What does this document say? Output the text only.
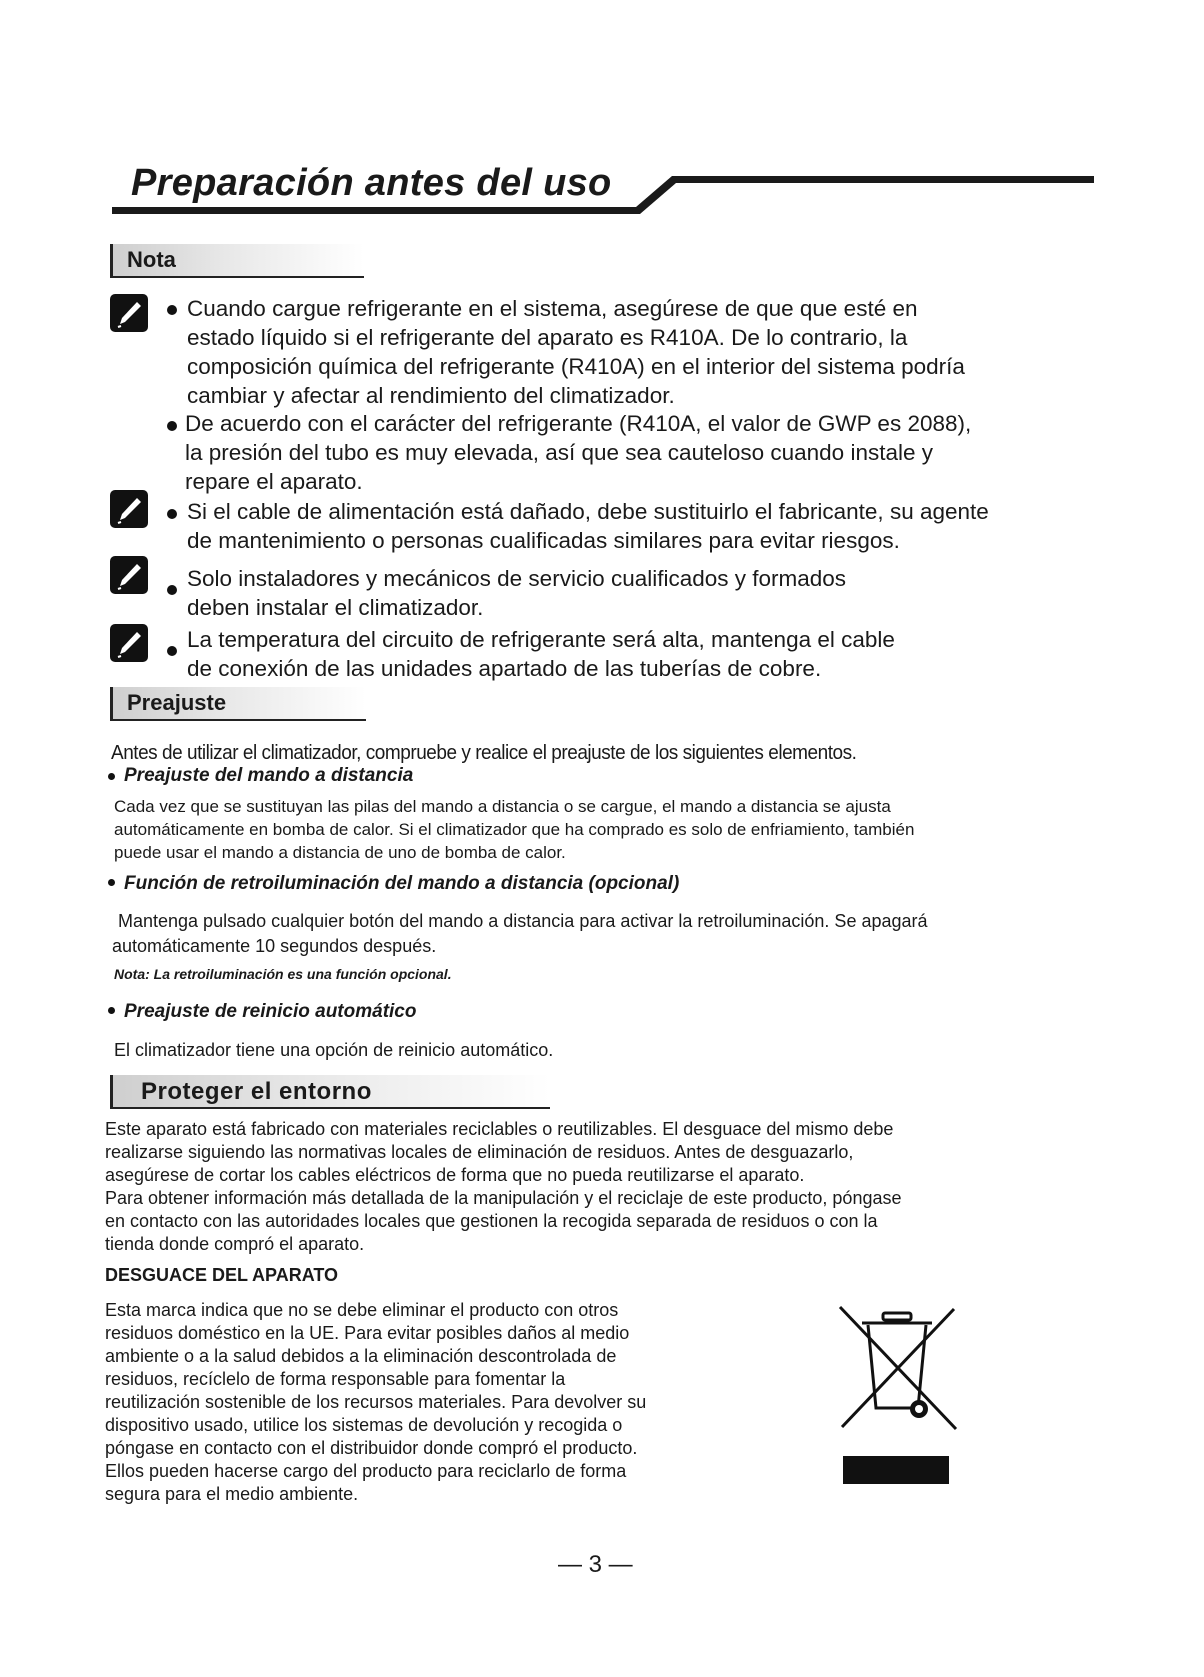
Preparación antes del uso
Nota
Cuando cargue refrigerante en el sistema, asegúrese de que que esté en
estado líquido si el refrigerante del aparato es R410A. De lo contrario, la
composición química del refrigerante (R410A) en el interior del sistema podría
cambiar y afectar al rendimiento del climatizador.
De acuerdo con el carácter del refrigerante (R410A, el valor de GWP es 2088),
la presión del tubo es muy elevada, así que sea cauteloso cuando instale y
repare el aparato.
Si el cable de alimentación está dañado, debe sustituirlo el fabricante, su agente
de mantenimiento o personas cualificadas similares para evitar riesgos.
Solo instaladores y mecánicos de servicio cualificados y formados
deben instalar el climatizador.
La temperatura del circuito de refrigerante será alta, mantenga el cable
de conexión de las unidades apartado de las tuberías de cobre.
Preajuste
Antes de utilizar el climatizador, compruebe y realice el preajuste de los siguientes elementos.
Preajuste del mando a distancia
Cada vez que se sustituyan las pilas del mando a distancia o se cargue, el mando a distancia se ajusta
automáticamente en bomba de calor. Si el climatizador que ha comprado es solo de enfriamiento, también
puede usar el mando a distancia de uno de bomba de calor.
Función de retroiluminación del mando a distancia (opcional)
Mantenga pulsado cualquier botón del mando a distancia para activar la retroiluminación. Se apagará
automáticamente 10 segundos después.
Nota: La retroiluminación es una función opcional.
Preajuste de reinicio automático
El climatizador tiene una opción de reinicio automático.
Proteger el entorno
Este aparato está fabricado con materiales reciclables o reutilizables. El desguace del mismo debe
realizarse siguiendo las normativas locales de eliminación de residuos. Antes de desguazarlo,
asegúrese de cortar los cables eléctricos de forma que no pueda reutilizarse el aparato.
Para obtener información más detallada de la manipulación y el reciclaje de este producto, póngase
en contacto con las autoridades locales que gestionen la recogida separada de residuos o con la
tienda donde compró el aparato.
DESGUACE DEL APARATO
Esta marca indica que no se debe eliminar el producto con otros
residuos doméstico en la UE. Para evitar posibles daños al medio
ambiente o a la salud debidos a la eliminación descontrolada de
residuos, recíclelo de forma responsable para fomentar la
reutilización sostenible de los recursos materiales. Para devolver su
dispositivo usado, utilice los sistemas de devolución y recogida o
póngase en contacto con el distribuidor donde compró el producto.
Ellos pueden hacerse cargo del producto para reciclarlo de forma
segura para el medio ambiente.
— 3 —
